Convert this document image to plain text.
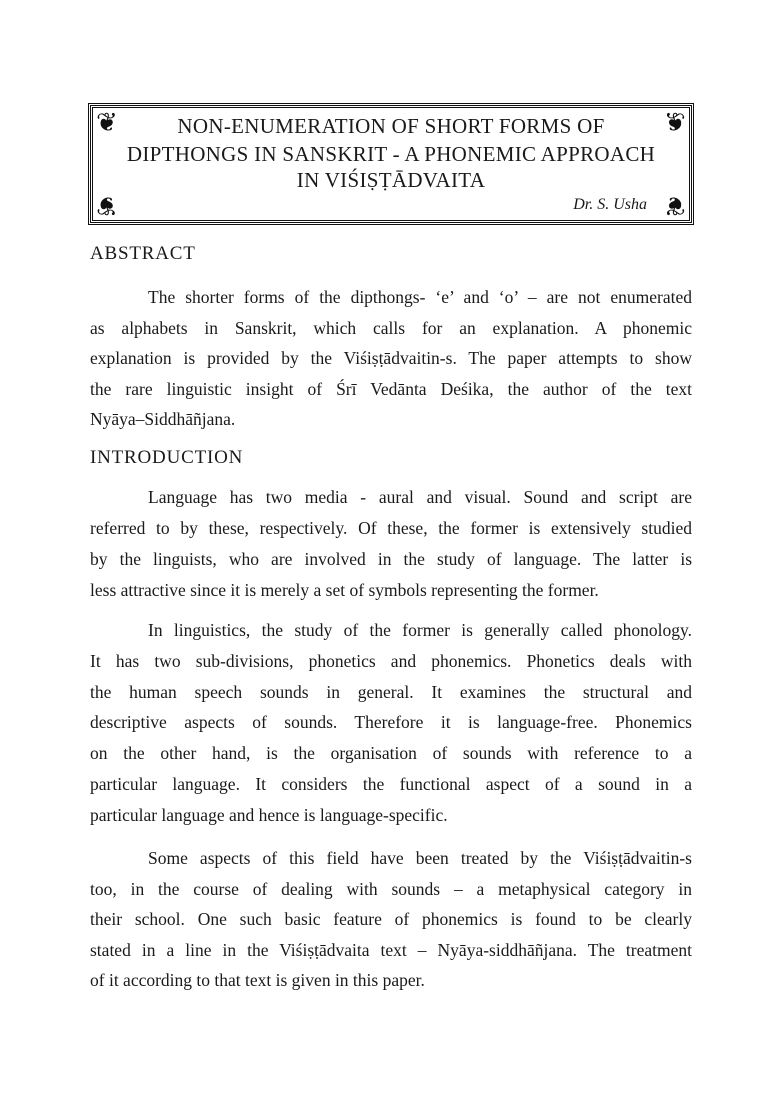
❦	❦
❦	❦
NON-ENUMERATION OF SHORT FORMS OF
DIPTHONGS IN SANSKRIT - A PHONEMIC APPROACH
IN VIŚIṢṬĀDVAITA
Dr. S. Usha
ABSTRACT
The shorter forms of the dipthongs- ‘e’ and ‘o’ – are not enumerated
as alphabets in Sanskrit, which calls for an explanation. A phonemic
explanation is provided by the Viśiṣṭādvaitin-s. The paper attempts to show
the rare linguistic insight of Śrī Vedānta Deśika, the author of the text
Nyāya–Siddhāñjana.
INTRODUCTION
Language has two media - aural and visual. Sound and script are
referred to by these, respectively. Of these, the former is extensively studied
by the linguists, who are involved in the study of language. The latter is
less attractive since it is merely a set of symbols representing the former.
In linguistics, the study of the former is generally called phonology.
It has two sub-divisions, phonetics and phonemics. Phonetics deals with
the human speech sounds in general. It examines the structural and
descriptive aspects of sounds. Therefore it is language-free. Phonemics
on the other hand, is the organisation of sounds with reference to a
particular language. It considers the functional aspect of a sound in a
particular language and hence is language-specific.
Some aspects of this field have been treated by the Viśiṣṭādvaitin-s
too, in the course of dealing with sounds – a metaphysical category in
their school. One such basic feature of phonemics is found to be clearly
stated in a line in the Viśiṣṭādvaita text – Nyāya-siddhāñjana. The treatment
of it according to that text is given in this paper.
